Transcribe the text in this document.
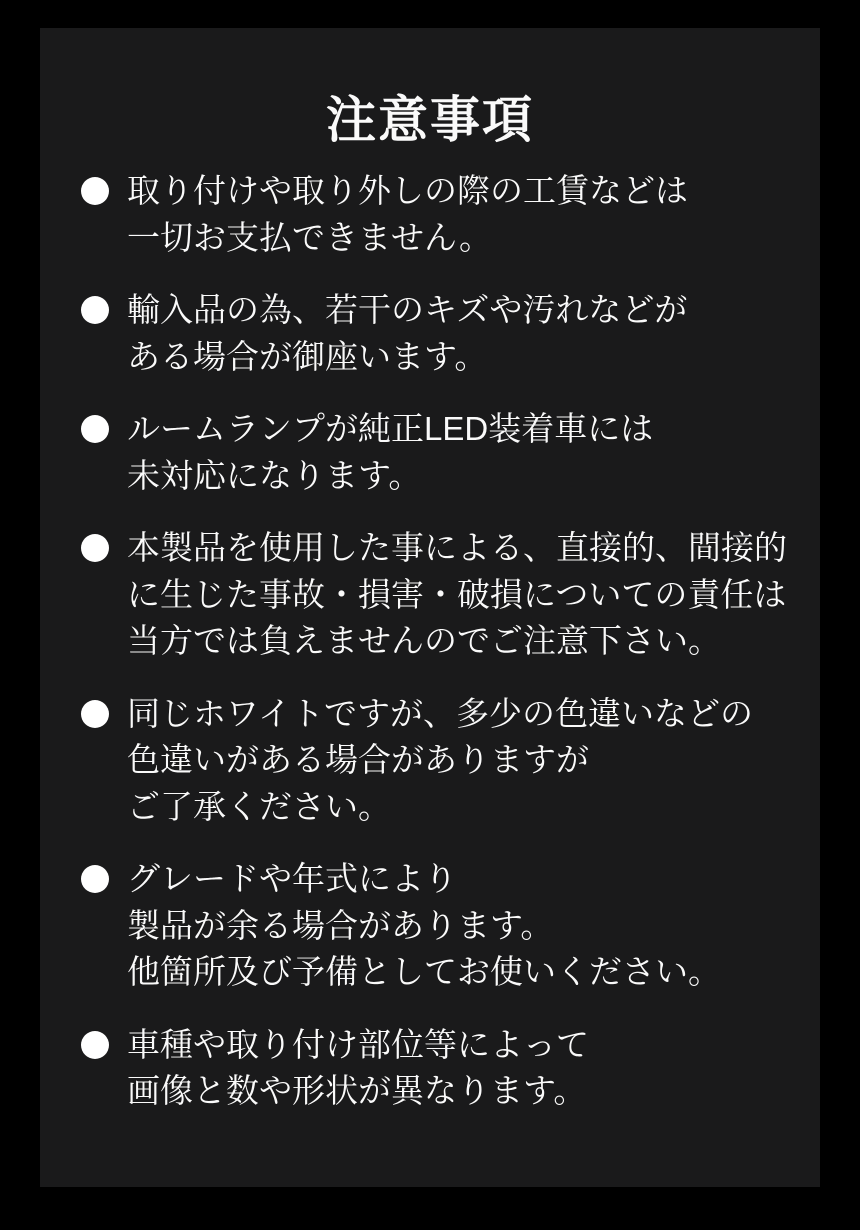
注意事項
取り付けや取り外しの際の工賃などは
一切お支払できません。
輸入品の為、若干のキズや汚れなどが
ある場合が御座います。
ルームランプが純正LED装着車には
未対応になります。
本製品を使用した事による、直接的、間接的
に生じた事故・損害・破損についての責任は
当方では負えませんのでご注意下さい。
同じホワイトですが、多少の色違いなどの
色違いがある場合がありますが
ご了承ください。
グレードや年式により
製品が余る場合があります。
他箇所及び予備としてお使いください。
車種や取り付け部位等によって
画像と数や形状が異なります。
